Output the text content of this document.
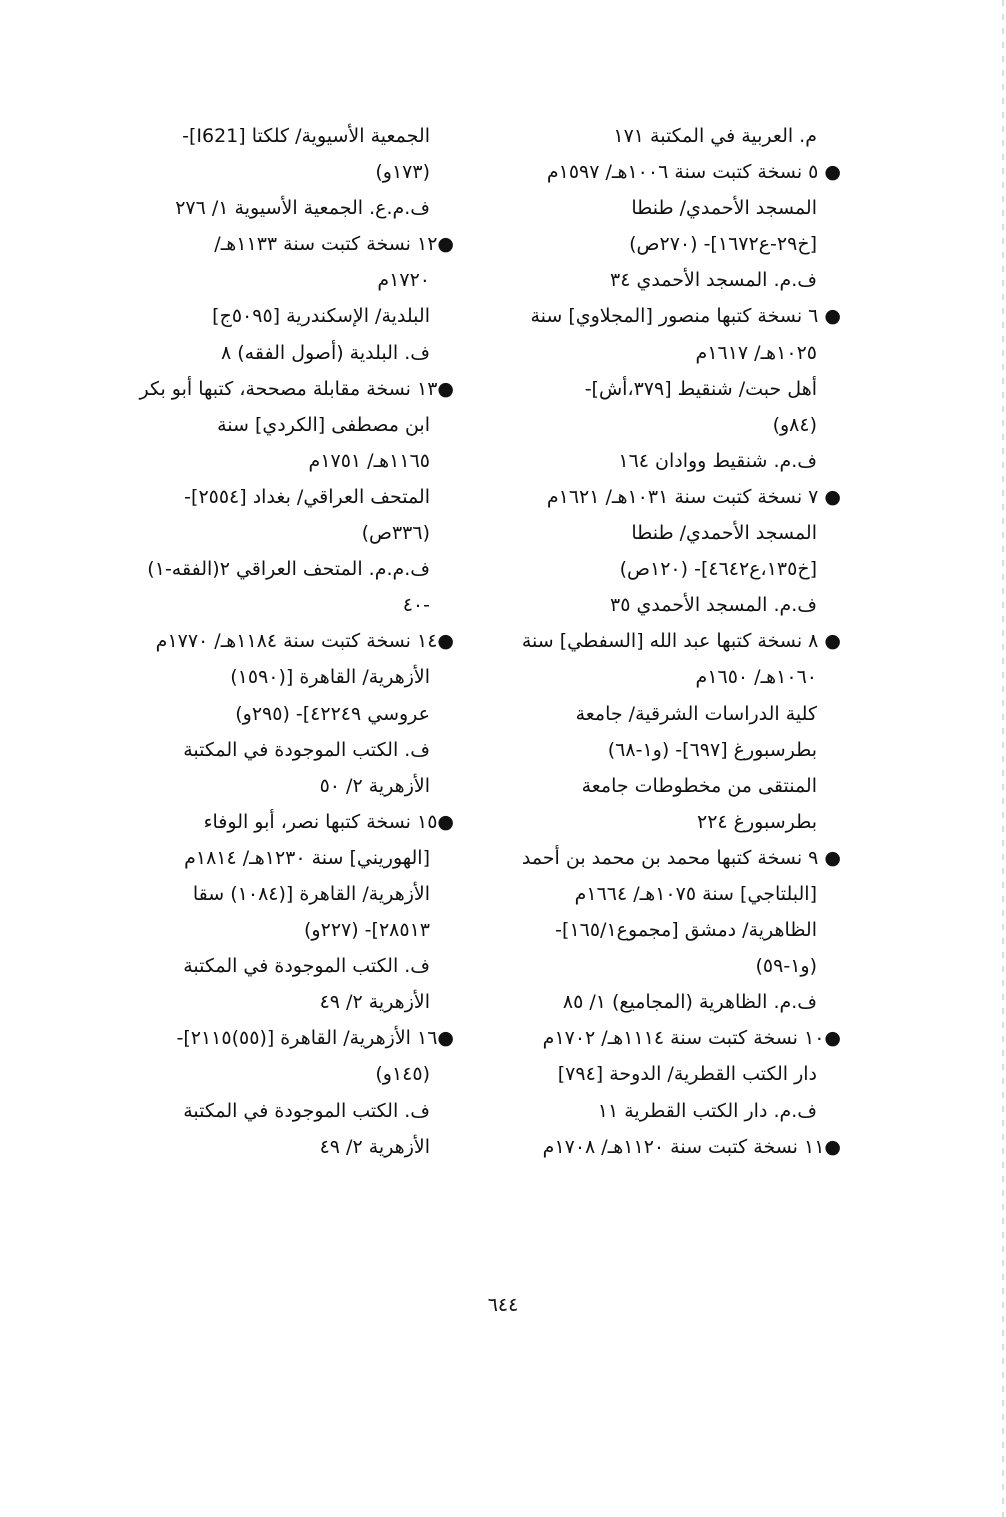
م. العربية في المكتبة ١٧١
● ٥ نسخة كتبت سنة ١٠٠٦هـ/ ١٥٩٧م
المسجد الأحمدي/ طنطا
[خ٢٩-ع١٦٧٢]- (٢٧٠ص)
ف.م. المسجد الأحمدي ٣٤
● ٦ نسخة كتبها منصور [المجلاوي] سنة
١٠٢٥هـ/ ١٦١٧م
أهل حبت/ شنقيط [٣٧٩،أش]-
(٨٤و)
ف.م. شنقيط ووادان ١٦٤
● ٧ نسخة كتبت سنة ١٠٣١هـ/ ١٦٢١م
المسجد الأحمدي/ طنطا
[خ١٣٥،ع٤٦٤٢]- (١٢٠ص)
ف.م. المسجد الأحمدي ٣٥
● ٨ نسخة كتبها عبد الله [السفطي] سنة
١٠٦٠هـ/ ١٦٥٠م
كلية الدراسات الشرقية/ جامعة
بطرسبورغ [٦٩٧]- (و١-٦٨)
المنتقى من مخطوطات جامعة
بطرسبورغ ٢٢٤
● ٩ نسخة كتبها محمد بن محمد بن أحمد
[البلتاجي] سنة ١٠٧٥هـ/ ١٦٦٤م
الظاهرية/ دمشق [مجموع١٦٥/١]-
(و١-٥٩)
ف.م. الظاهرية (المجاميع) ١/ ٨٥
●١٠ نسخة كتبت سنة ١١١٤هـ/ ١٧٠٢م
دار الكتب القطرية/ الدوحة [٧٩٤]
ف.م. دار الكتب القطرية ١١
●١١ نسخة كتبت سنة ١١٢٠هـ/ ١٧٠٨م
الجمعية الأسيوية/ كلكتا [I621]-
(١٧٣و)
ف.م.ع. الجمعية الأسيوية ١/ ٢٧٦
●١٢ نسخة كتبت سنة ١١٣٣هـ/
١٧٢٠م
البلدية/ الإسكندرية [٥٠٩٥ج]
ف. البلدية (أصول الفقه) ٨
●١٣ نسخة مقابلة مصححة، كتبها أبو بكر
ابن مصطفى [الكردي] سنة
١١٦٥هـ/ ١٧٥١م
المتحف العراقي/ بغداد [٢٥٥٤]-
(٣٣٦ص)
ف.م.م. المتحف العراقي ٢(الفقه-١)
-٤٠
●١٤ نسخة كتبت سنة ١١٨٤هـ/ ١٧٧٠م
الأزهرية/ القاهرة [(١٥٩٠)
عروسي ٤٢٢٤٩]- (٢٩٥و)
ف. الكتب الموجودة في المكتبة
الأزهرية ٢/ ٥٠
●١٥ نسخة كتبها نصر، أبو الوفاء
[الهوريني] سنة ١٢٣٠هـ/ ١٨١٤م
الأزهرية/ القاهرة [(١٠٨٤) سقا
٢٨٥١٣]- (٢٢٧و)
ف. الكتب الموجودة في المكتبة
الأزهرية ٢/ ٤٩
●١٦ الأزهرية/ القاهرة [(٥٥)٢١١٥]-
(١٤٥و)
ف. الكتب الموجودة في المكتبة
الأزهرية ٢/ ٤٩
٦٤٤
